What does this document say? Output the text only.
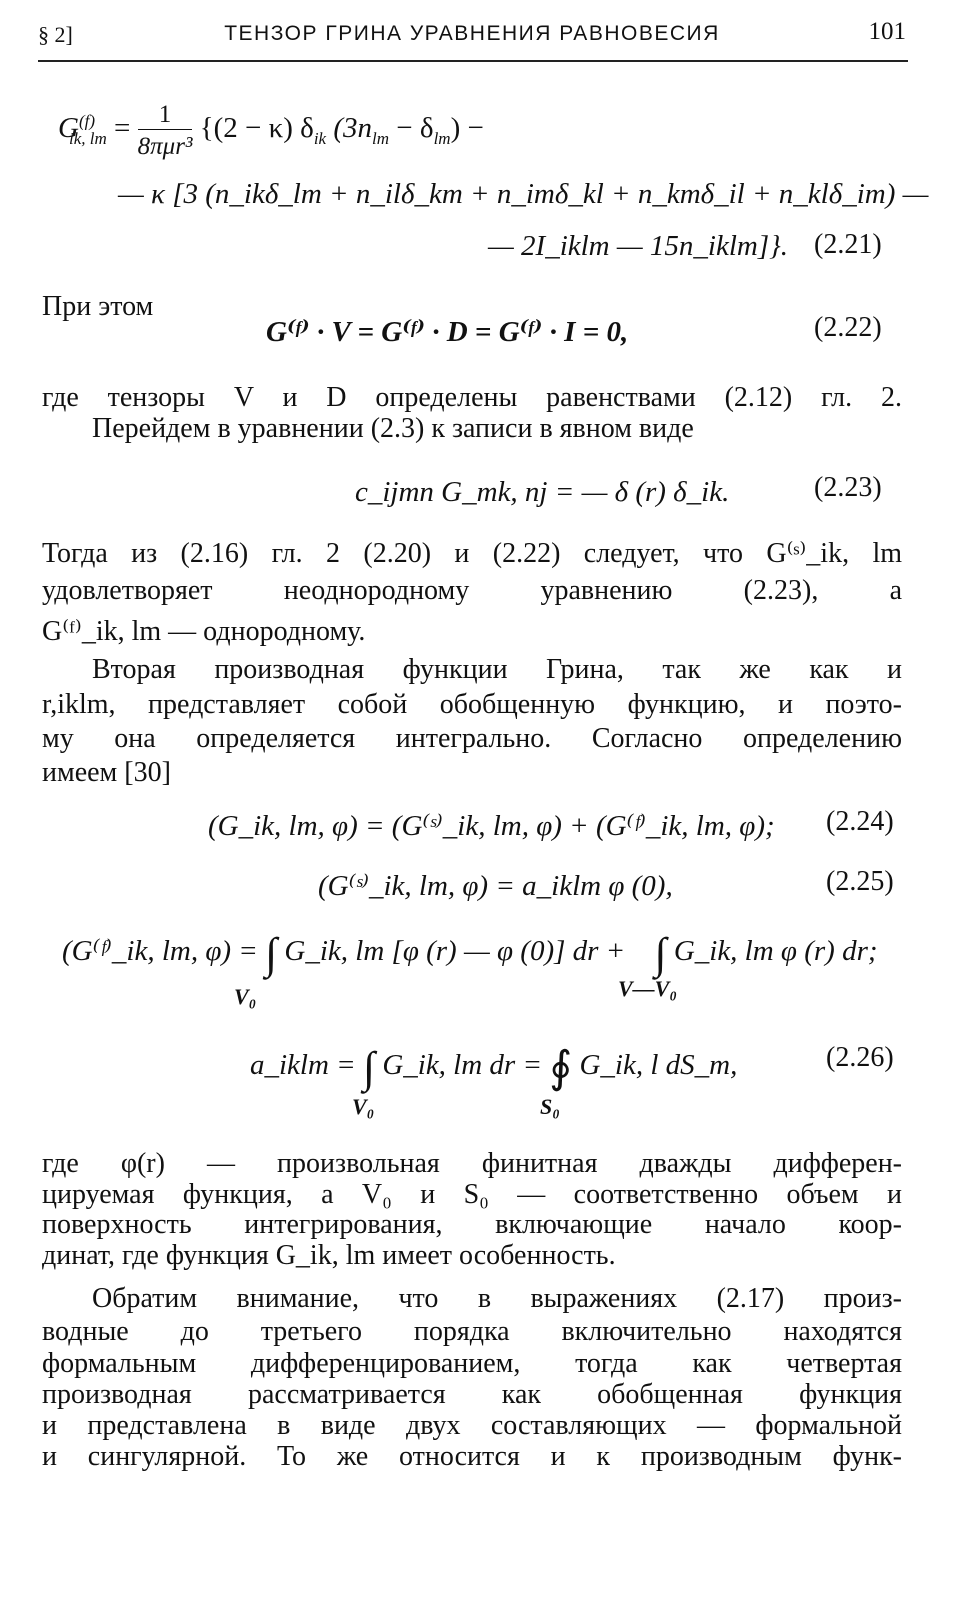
§ 2]	ТЕНЗОР ГРИНА УРАВНЕНИЯ РАВНОВЕСИЯ	101
$G^{(f)}_{ik, lm} = \frac{1}{\text{8πμr³}} \{(2 - \kappa)$ $\delta_{ik}$ $(3n_{lm} - \delta_{lm})$ −
— κ [3 (n_ikδ_lm + n_ilδ_km + n_imδ_kl + n_kmδ_il + n_klδ_im) —
— 2I_iklm — 15n_iklm]}. (2.21)
При этом
G⁽ᶠ⁾ · V = G⁽ᶠ⁾ · D = G⁽ᶠ⁾ · I = 0,	(2.22)
где тензоры V и D определены равенствами (2.12) гл. 2.
Перейдем в уравнении (2.3) к записи в явном виде
c_ijmn G_mk, nj = — δ (r) δ_ik.	(2.23)
Тогда из (2.16) гл. 2 (2.20) и (2.22) следует, что G⁽ˢ⁾_ik, lm
удовлетворяет неоднородному уравнению (2.23), а
G⁽ᶠ⁾_ik, lm — однородному.
Вторая производная функции Грина, так же как и
r,iklm, представляет собой обобщенную функцию, и поэто-
му она определяется интегрально. Согласно определению
имеем [30]
(G_ik, lm, φ) = (G⁽ˢ⁾_ik, lm, φ) + (G⁽ᶠ⁾_ik, lm, φ); (2.24)
(G⁽ˢ⁾_ik, lm, φ) = a_iklm φ (0),	(2.25)
(G⁽ᶠ⁾_ik, lm, φ) = ∫ G_ik, lm [φ (r) — φ (0)] dr + ∫ G_ik, lm φ (r) dr;
V₀	V—V₀
a_iklm = ∫ G_ik, lm dr = ∮ G_ik, l dS_m,
V₀	S₀
(2.26)
где φ(r) — произвольная финитная дважды дифферен-
цируемая функция, а V₀ и S₀ — соответственно объем и
поверхность интегрирования, включающие начало коор-
динат, где функция G_ik, lm имеет особенность.
Обратим внимание, что в выражениях (2.17) произ-
водные до третьего порядка включительно находятся
формальным дифференцированием, тогда как четвертая
производная рассматривается как обобщенная функция
и представлена в виде двух составляющих — формальной
и сингулярной. То же относится и к производным функ-
